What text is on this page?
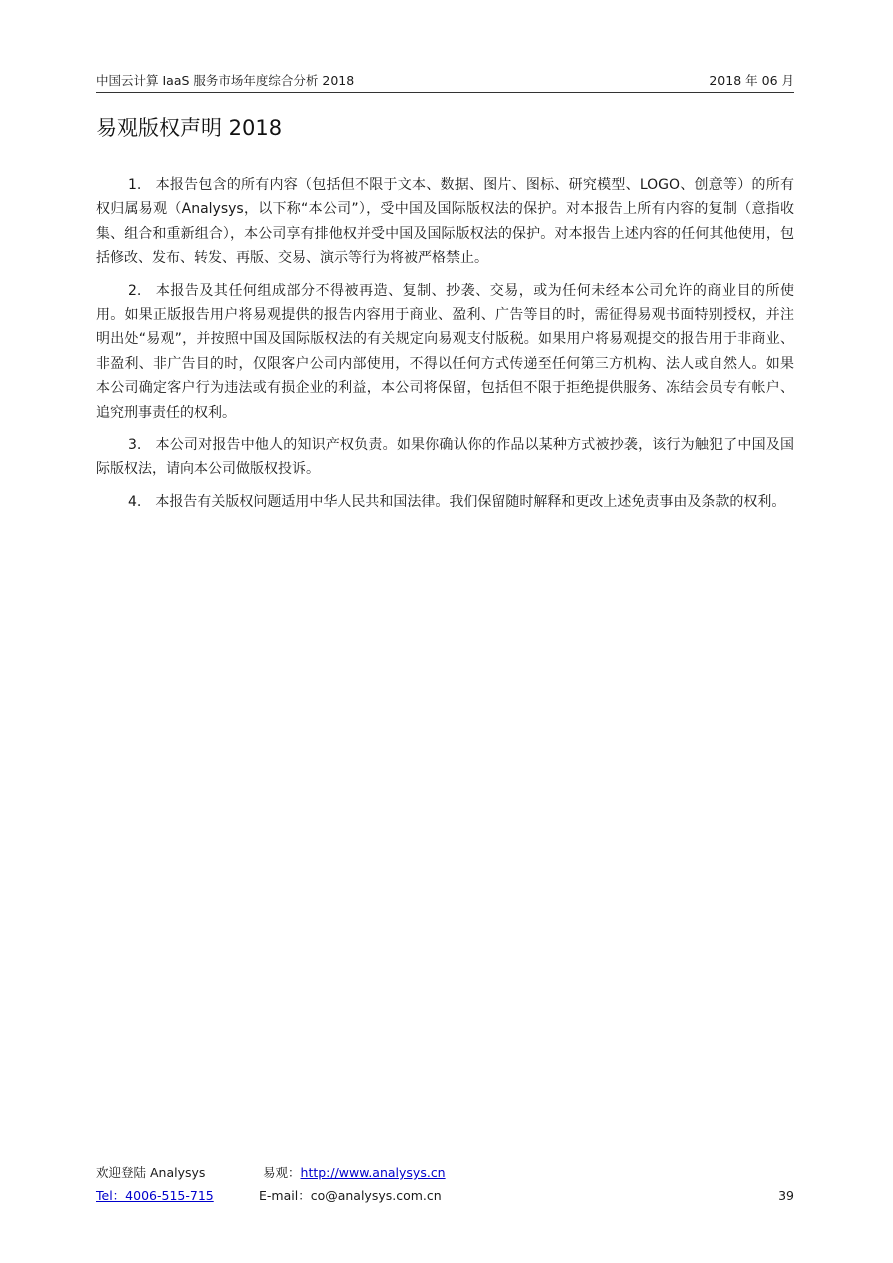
中国云计算 IaaS 服务市场年度综合分析 2018	2018 年 06 月
易观版权声明 2018

1. 本报告包含的所有内容（包括但不限于文本、数据、图片、图标、研究模型、LOGO、创意等）的所有权归属易观（Analysys，以下称“本公司”），受中国及国际版权法的保护。对本报告上所有内容的复制（意指收集、组合和重新组合），本公司享有排他权并受中国及国际版权法的保护。对本报告上述内容的任何其他使用，包括修改、发布、转发、再版、交易、演示等行为将被严格禁止。

2. 本报告及其任何组成部分不得被再造、复制、抄袭、交易，或为任何未经本公司允许的商业目的所使用。如果正版报告用户将易观提供的报告内容用于商业、盈利、广告等目的时，需征得易观书面特别授权，并注明出处“易观”，并按照中国及国际版权法的有关规定向易观支付版税。如果用户将易观提交的报告用于非商业、非盈利、非广告目的时，仅限客户公司内部使用，不得以任何方式传递至任何第三方机构、法人或自然人。如果本公司确定客户行为违法或有损企业的利益，本公司将保留，包括但不限于拒绝提供服务、冻结会员专有帐户、追究刑事责任的权利。

3. 本公司对报告中他人的知识产权负责。如果你确认你的作品以某种方式被抄袭，该行为触犯了中国及国际版权法，请向本公司做版权投诉。

4. 本报告有关版权问题适用中华人民共和国法律。我们保留随时解释和更改上述免责事由及条款的权利。

欢迎登陆 Analysys	易观：http://www.analysys.cn
Tel：4006-515-715	E-mail：co@analysys.com.cn	39
